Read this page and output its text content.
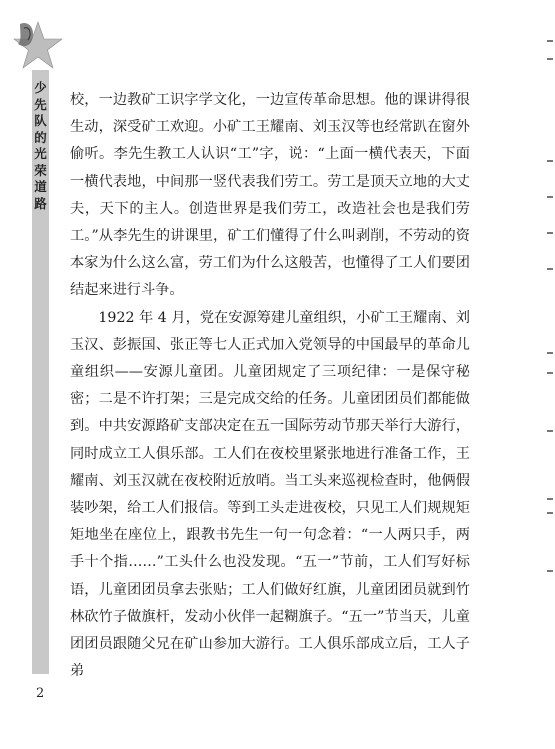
少先队的光荣道路

校，一边教矿工识字学文化，一边宣传革命思想。他的课讲得很生动，深受矿工欢迎。小矿工王耀南、刘玉汉等也经常趴在窗外偷听。李先生教工人认识“工”字，说：“上面一横代表天，下面一横代表地，中间那一竖代表我们劳工。劳工是顶天立地的大丈夫，天下的主人。创造世界是我们劳工，改造社会也是我们劳工。”从李先生的讲课里，矿工们懂得了什么叫剥削，不劳动的资本家为什么这么富，劳工们为什么这般苦，也懂得了工人们要团结起来进行斗争。

1922 年 4 月，党在安源筹建儿童组织，小矿工王耀南、刘玉汉、彭振国、张正等七人正式加入党领导的中国最早的革命儿童组织——安源儿童团。儿童团规定了三项纪律：一是保守秘密；二是不许打架；三是完成交给的任务。儿童团团员们都能做到。中共安源路矿支部决定在五一国际劳动节那天举行大游行，同时成立工人俱乐部。工人们在夜校里紧张地进行准备工作，王耀南、刘玉汉就在夜校附近放哨。当工头来巡视检查时，他俩假装吵架，给工人们报信。等到工头走进夜校，只见工人们规规矩矩地坐在座位上，跟教书先生一句一句念着：“一人两只手，两手十个指……”工头什么也没发现。“五一”节前，工人们写好标语，儿童团团员拿去张贴；工人们做好红旗，儿童团团员就到竹林砍竹子做旗杆，发动小伙伴一起糊旗子。“五一”节当天，儿童团团员跟随父兄在矿山参加大游行。工人俱乐部成立后，工人子弟

2
